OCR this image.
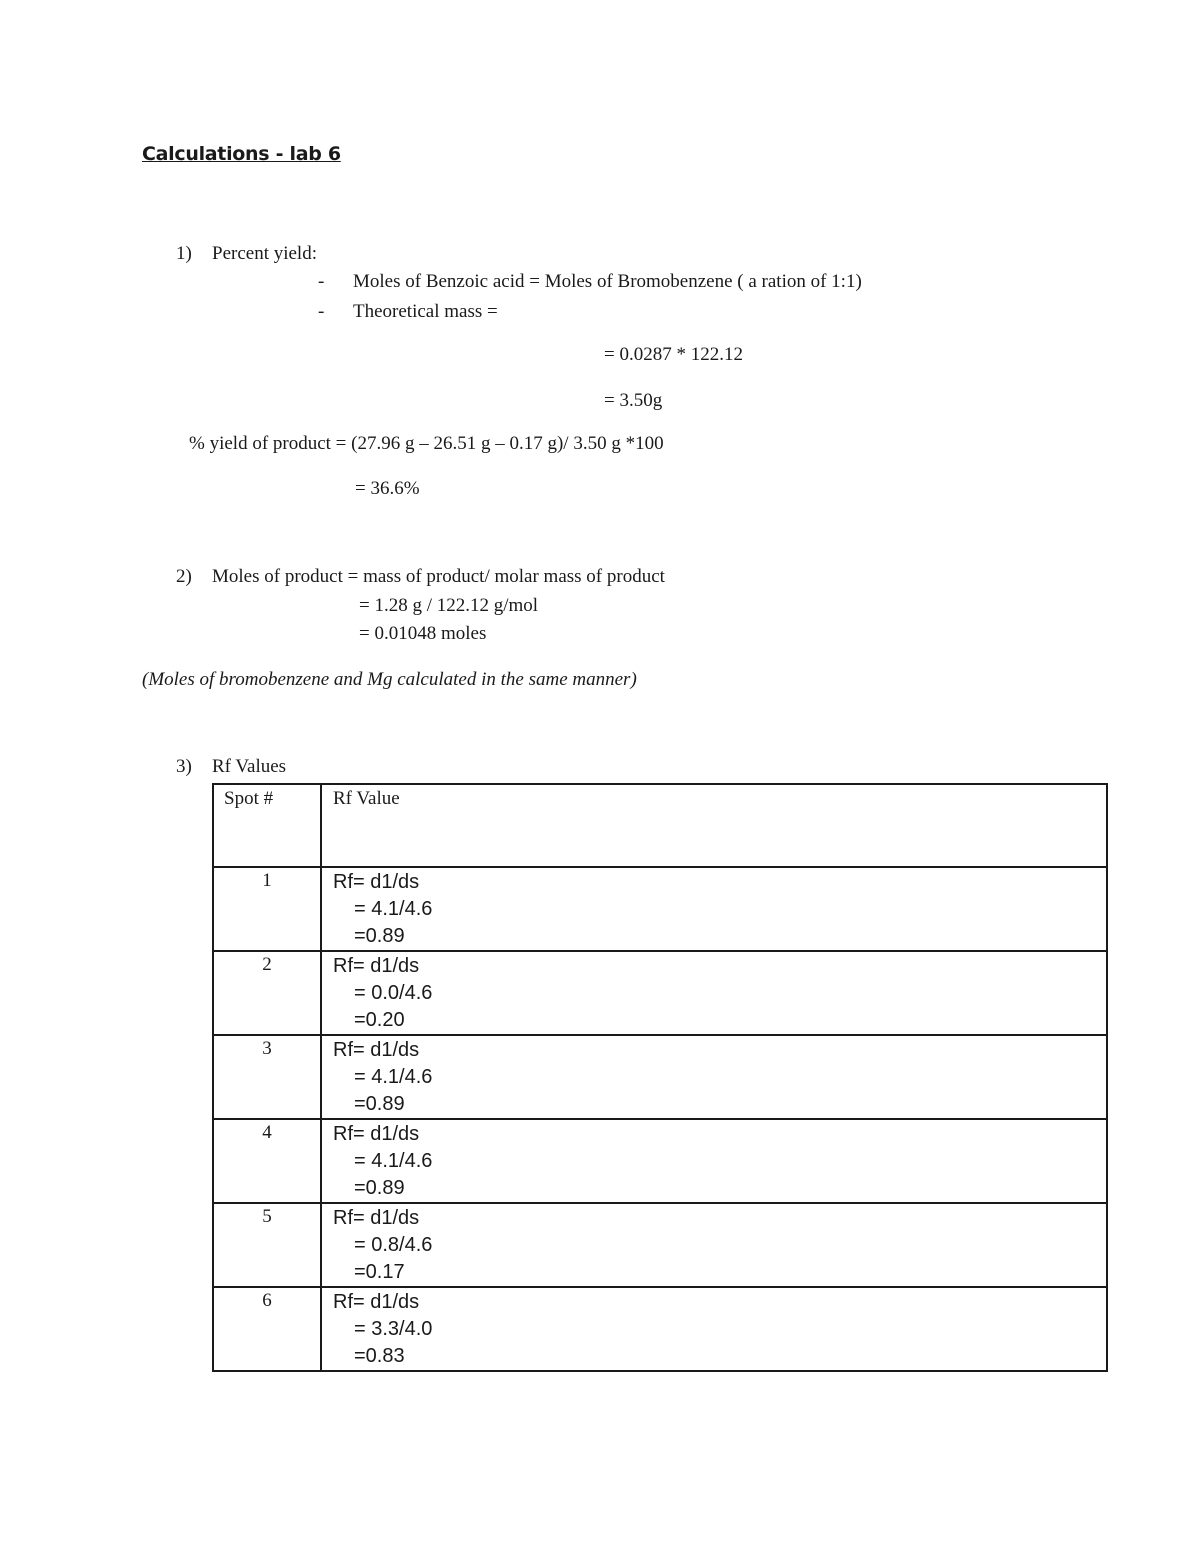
Calculations - lab 6
1) Percent yield:
- Moles of Benzoic acid = Moles of Bromobenzene ( a ration of 1:1)
- Theoretical mass =
= 0.0287 * 122.12
= 3.50g
% yield of product = (27.96 g – 26.51 g – 0.17 g)/ 3.50 g *100
= 36.6%
2) Moles of product = mass of product/ molar mass of product
= 1.28 g / 122.12 g/mol
= 0.01048 moles
(Moles of bromobenzene and Mg calculated in the same manner)
3) Rf Values
Spot #	Rf Value
1	Rf= d1/ds
= 4.1/4.6
=0.89

2	Rf= d1/ds
= 0.0/4.6
=0.20

3	Rf= d1/ds
= 4.1/4.6
=0.89

4	Rf= d1/ds
= 4.1/4.6
=0.89

5	Rf= d1/ds
= 0.8/4.6
=0.17

6	Rf= d1/ds
= 3.3/4.0
=0.83
